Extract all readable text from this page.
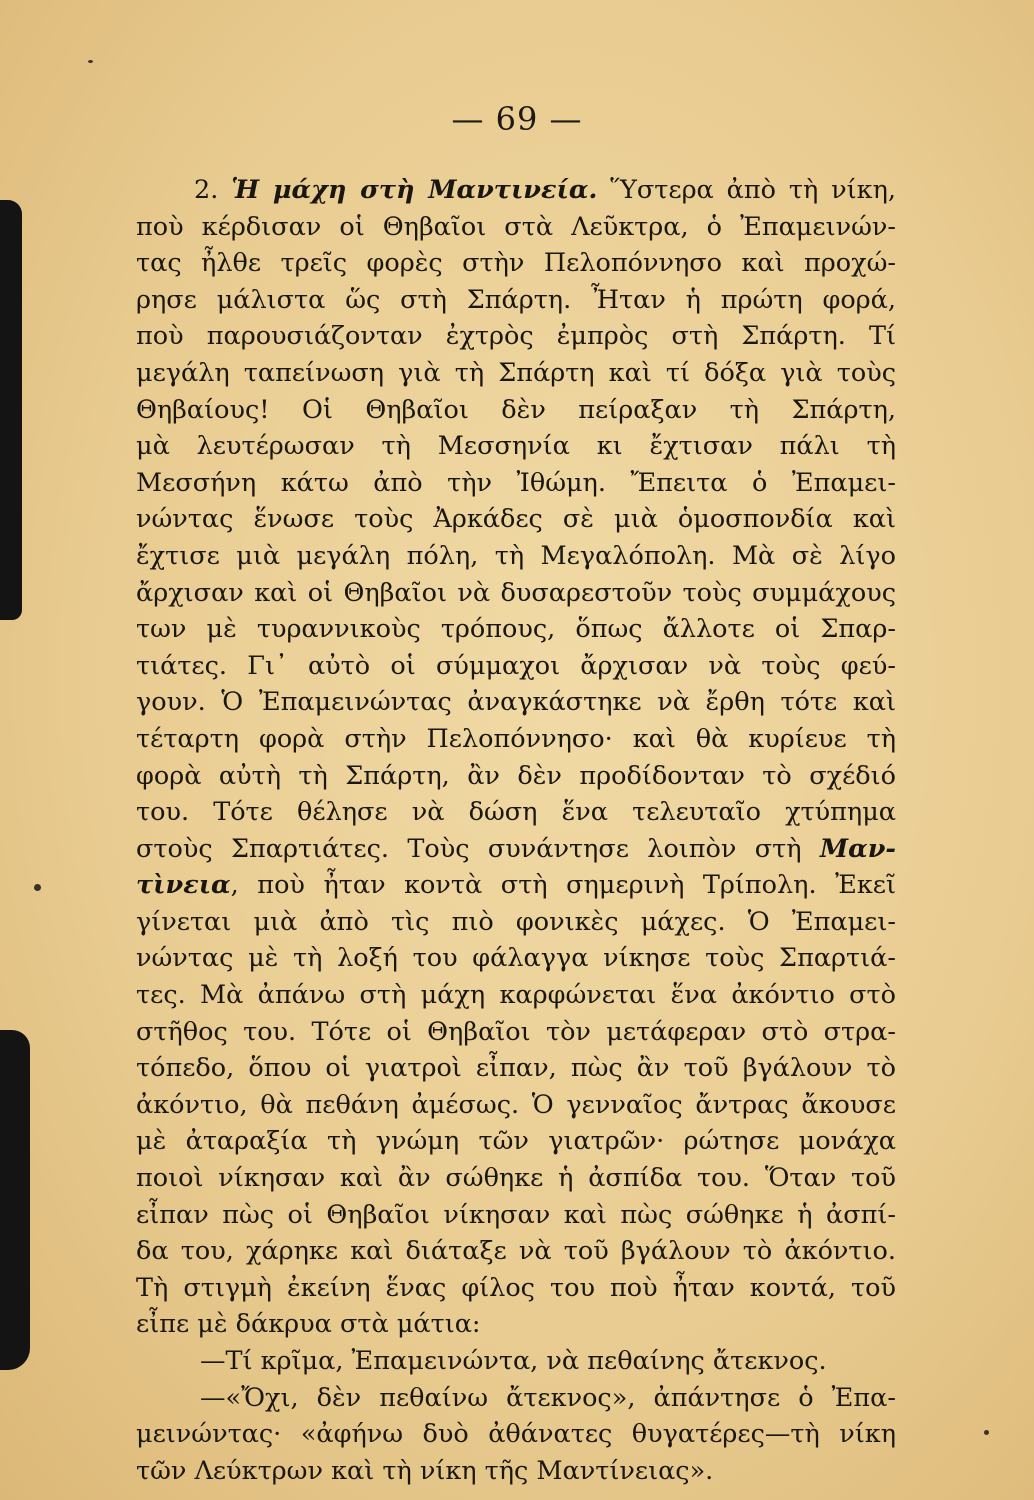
— 69 —
2. Ἡ μάχη στὴ Μαντινεία. Ὕστερα ἀπὸ τὴ νίκη,
ποὺ κέρδισαν οἱ Θηβαῖοι στὰ Λεῦκτρα, ὁ Ἐπαμεινών-
τας ἦλθε τρεῖς φορὲς στὴν Πελοπόννησο καὶ προχώ-
ρησε μάλιστα ὥς στὴ Σπάρτη. Ἦταν ἡ πρώτη φορά,
ποὺ παρουσιάζονταν ἐχτρὸς ἐμπρὸς στὴ Σπάρτη. Τί
μεγάλη ταπείνωση γιὰ τὴ Σπάρτη καὶ τί δόξα γιὰ τοὺς
Θηβαίους! Οἱ Θηβαῖοι δὲν πείραξαν τὴ Σπάρτη,
μὰ λευτέρωσαν τὴ Μεσσηνία κι ἔχτισαν πάλι τὴ
Μεσσήνη κάτω ἀπὸ τὴν Ἰθώμη. Ἔπειτα ὁ Ἐπαμει-
νώντας ἕνωσε τοὺς Ἀρκάδες σὲ μιὰ ὁμοσπονδία καὶ
ἔχτισε μιὰ μεγάλη πόλη, τὴ Μεγαλόπολη. Μὰ σὲ λίγο
ἄρχισαν καὶ οἱ Θηβαῖοι νὰ δυσαρεστοῦν τοὺς συμμάχους
των μὲ τυραννικοὺς τρόπους, ὅπως ἄλλοτε οἱ Σπαρ-
τιάτες. Γι᾿ αὐτὸ οἱ σύμμαχοι ἄρχισαν νὰ τοὺς φεύ-
γουν. Ὁ Ἐπαμεινώντας ἀναγκάστηκε νὰ ἔρθη τότε καὶ
τέταρτη φορὰ στὴν Πελοπόννησο· καὶ θὰ κυρίευε τὴ
φορὰ αὐτὴ τὴ Σπάρτη, ἂν δὲν προδίδονταν τὸ σχέδιό
του. Τότε θέλησε νὰ δώση ἕνα τελευταῖο χτύπημα
στοὺς Σπαρτιάτες. Τοὺς συνάντησε λοιπὸν στὴ Μαν-
τὶνεια, ποὺ ἦταν κοντὰ στὴ σημερινὴ Τρίπολη. Ἐκεῖ
γίνεται μιὰ ἀπὸ τὶς πιὸ φονικὲς μάχες. Ὁ Ἐπαμει-
νώντας μὲ τὴ λοξή του φάλαγγα νίκησε τοὺς Σπαρτιά-
τες. Μὰ ἀπάνω στὴ μάχη καρφώνεται ἕνα ἀκόντιο στὸ
στῆθος του. Τότε οἱ Θηβαῖοι τὸν μετάφεραν στὸ στρα-
τόπεδο, ὅπου οἱ γιατροὶ εἶπαν, πὼς ἂν τοῦ βγάλουν τὸ
ἀκόντιο, θὰ πεθάνη ἀμέσως. Ὁ γενναῖος ἄντρας ἄκουσε
μὲ ἀταραξία τὴ γνώμη τῶν γιατρῶν· ρώτησε μονάχα
ποιοὶ νίκησαν καὶ ἂν σώθηκε ἡ ἀσπίδα του. Ὅταν τοῦ
εἶπαν πὼς οἱ Θηβαῖοι νίκησαν καὶ πὼς σώθηκε ἡ ἀσπί-
δα του, χάρηκε καὶ διάταξε νὰ τοῦ βγάλουν τὸ ἀκόντιο.
Τὴ στιγμὴ ἐκείνη ἕνας φίλος του ποὺ ἦταν κοντά, τοῦ
εἶπε μὲ δάκρυα στὰ μάτια:
—Τί κρῖμα, Ἐπαμεινώντα, νὰ πεθαίνης ἄτεκνος.
—«Ὄχι, δὲν πεθαίνω ἄτεκνος», ἀπάντησε ὁ Ἐπα-
μεινώντας· «ἀφήνω δυὸ ἀθάνατες θυγατέρες—τὴ νίκη
τῶν Λεύκτρων καὶ τὴ νίκη τῆς Μαντίνειας».
